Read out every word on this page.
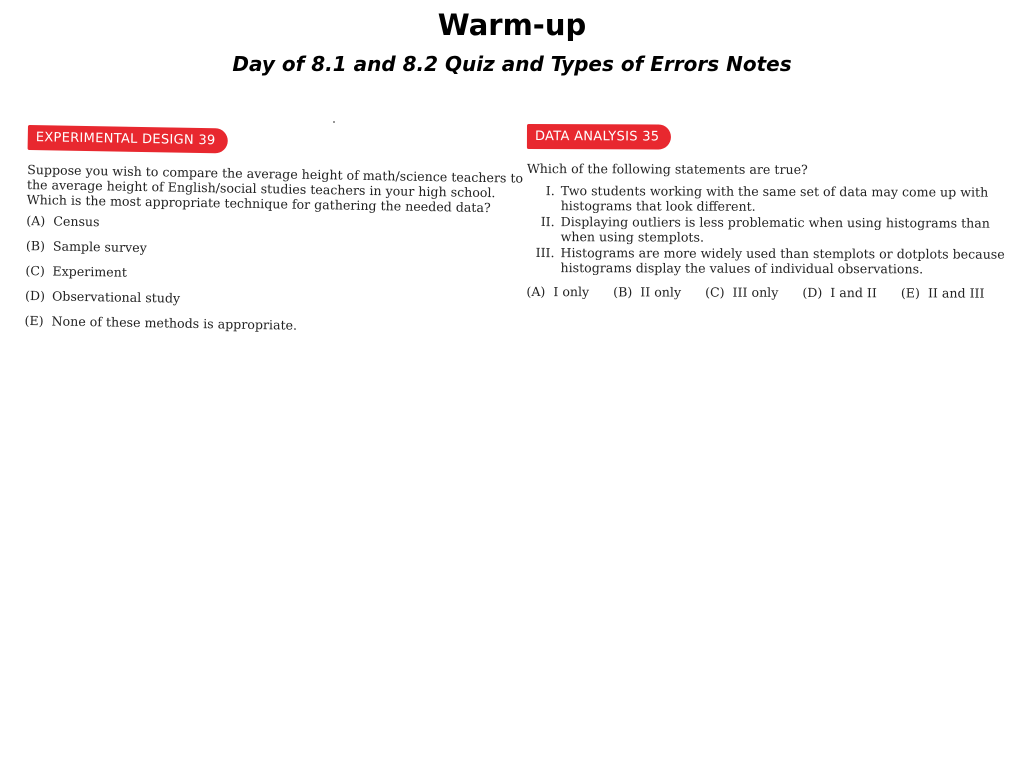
Warm-up
Day of 8.1 and 8.2 Quiz and Types of Errors Notes
EXPERIMENTAL DESIGN 39
Suppose you wish to compare the average height of math/science teachers to the average height of English/social studies teachers in your high school. Which is the most appropriate technique for gathering the needed data?
(A) Census
(B) Sample survey
(C) Experiment
(D) Observational study
(E) None of these methods is appropriate.
DATA ANALYSIS 35
Which of the following statements are true?
I. Two students working with the same set of data may come up with histograms that look different.
II. Displaying outliers is less problematic when using histograms than when using stemplots.
III. Histograms are more widely used than stemplots or dotplots because histograms display the values of individual observations.
(A) I only (B) II only (C) III only (D) I and II (E) II and III
